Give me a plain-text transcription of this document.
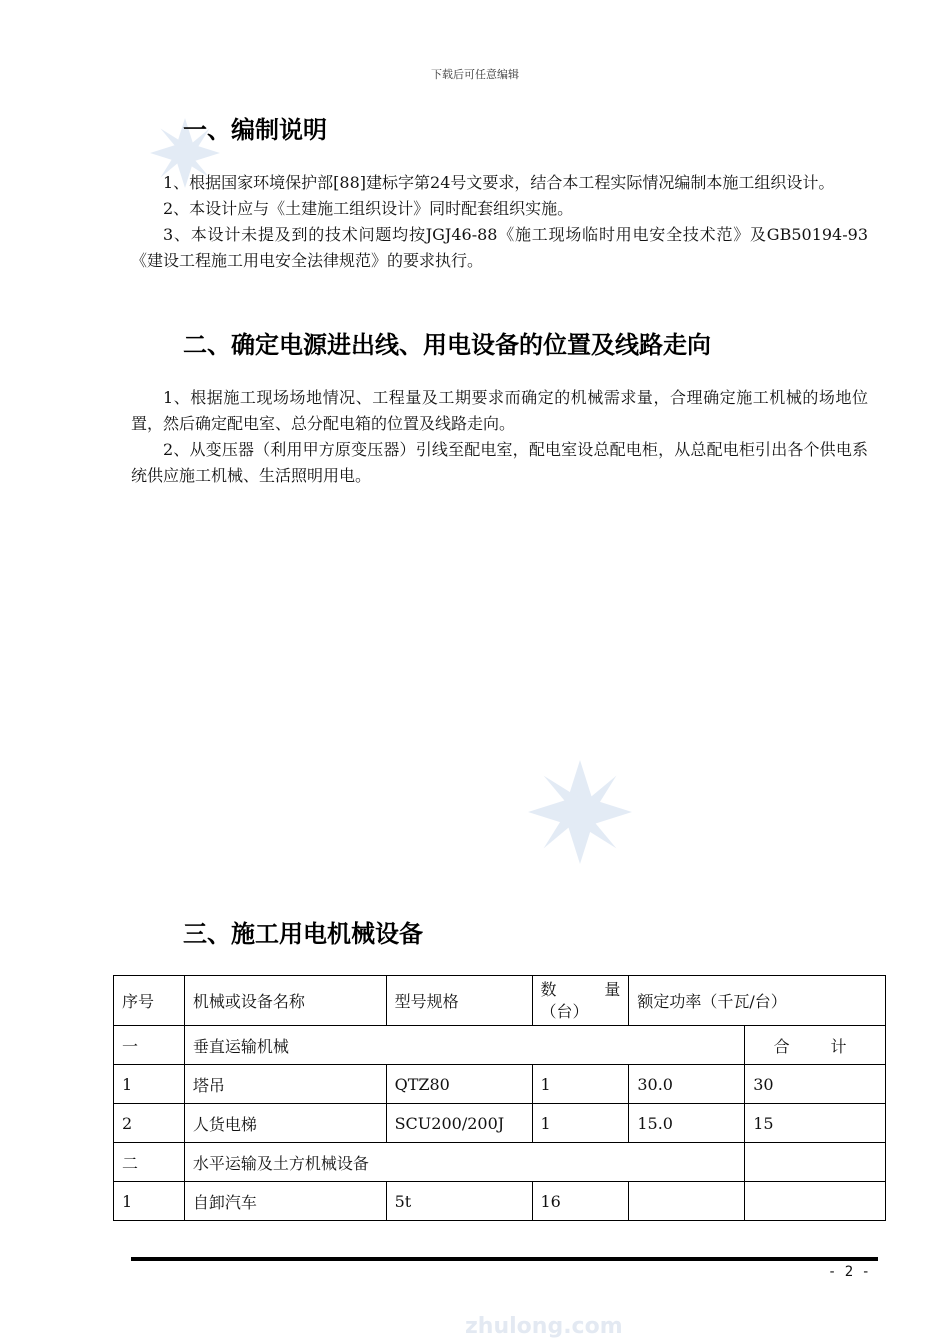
下载后可任意编辑
一、编制说明

1、根据国家环境保护部[88]建标字第24号文要求，结合本工程实际情况编制本施工组织设计。

2、本设计应与《土建施工组织设计》同时配套组织实施。

3、本设计未提及到的技术问题均按JGJ46-88《施工现场临时用电安全技术范》及GB50194-93《建设工程施工用电安全法律规范》的要求执行。

二、确定电源进出线、用电设备的位置及线路走向

1、根据施工现场场地情况、工程量及工期要求而确定的机械需求量，合理确定施工机械的场地位置，然后确定配电室、总分配电箱的位置及线路走向。

2、从变压器（利用甲方原变压器）引线至配电室，配电室设总配电柜，从总配电柜引出各个供电系统供应施工机械、生活照明用电。

三、施工用电机械设备
序号	机械或设备名称	型号规格	数 量
（台）	额定功率（千瓦/台）	
一	垂直运输机械				合 计

1	塔吊	QTZ80	1	30.0	30
2	人货电梯	SCU200/200J	1	15.0	15
二	水平运输及土方机械设备				
1	自卸汽车	5t	16		
- 2 -
zhulong.com
